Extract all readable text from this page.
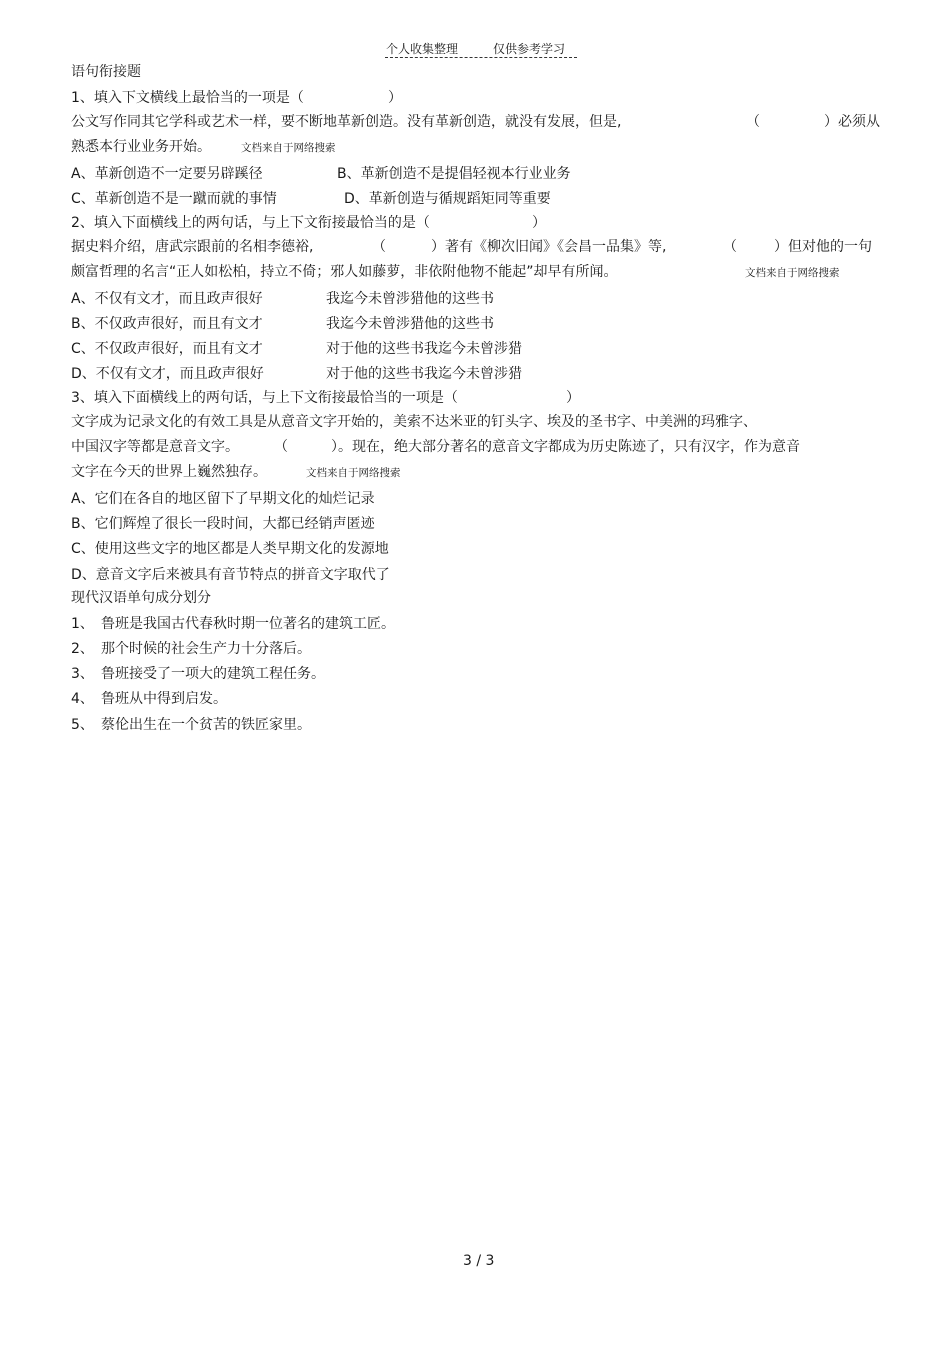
个人收集整理	仅供参考学习
语句衔接题
1、填入下文横线上最恰当的一项是（	）
公文写作同其它学科或艺术一样，要不断地革新创造。没有革新创造，就没有发展，但是,	（	）必须从
熟悉本行业业务开始。	文档来自于网络搜索
A、革新创造不一定要另辟蹊径	B、革新创造不是提倡轻视本行业业务
C、革新创造不是一蹴而就的事情	D、革新创造与循规蹈矩同等重要
2、填入下面横线上的两句话，与上下文衔接最恰当的是（	）
据史料介绍，唐武宗跟前的名相李德裕,	（	）著有《柳次旧闻》《会昌一品集》等,	（	）但对他的一句
颇富哲理的名言“正人如松柏，持立不倚；邪人如藤萝，非依附他物不能起”却早有所闻。	文档来自于网络搜索
A、不仅有文才，而且政声很好	我迄今未曾涉猎他的这些书
B、不仅政声很好，而且有文才	我迄今未曾涉猎他的这些书
C、不仅政声很好，而且有文才	对于他的这些书我迄今未曾涉猎
D、不仅有文才，而且政声很好	对于他的这些书我迄今未曾涉猎
3、填入下面横线上的两句话，与上下文衔接最恰当的一项是（	）
文字成为记录文化的有效工具是从意音文字开始的，美索不达米亚的钉头字、埃及的圣书字、中美洲的玛雅字、
中国汉字等都是意音文字。	（	）。现在，绝大部分著名的意音文字都成为历史陈迹了，只有汉字，作为意音
文字在今天的世界上巍然独存。	文档来自于网络搜索
A、它们在各自的地区留下了早期文化的灿烂记录
B、它们辉煌了很长一段时间，大都已经销声匿迹
C、使用这些文字的地区都是人类早期文化的发源地
D、意音文字后来被具有音节特点的拼音文字取代了
现代汉语单句成分划分
1、 鲁班是我国古代春秋时期一位著名的建筑工匠。
2、 那个时候的社会生产力十分落后。
3、 鲁班接受了一项大的建筑工程任务。
4、 鲁班从中得到启发。
5、 蔡伦出生在一个贫苦的铁匠家里。
3 / 3
